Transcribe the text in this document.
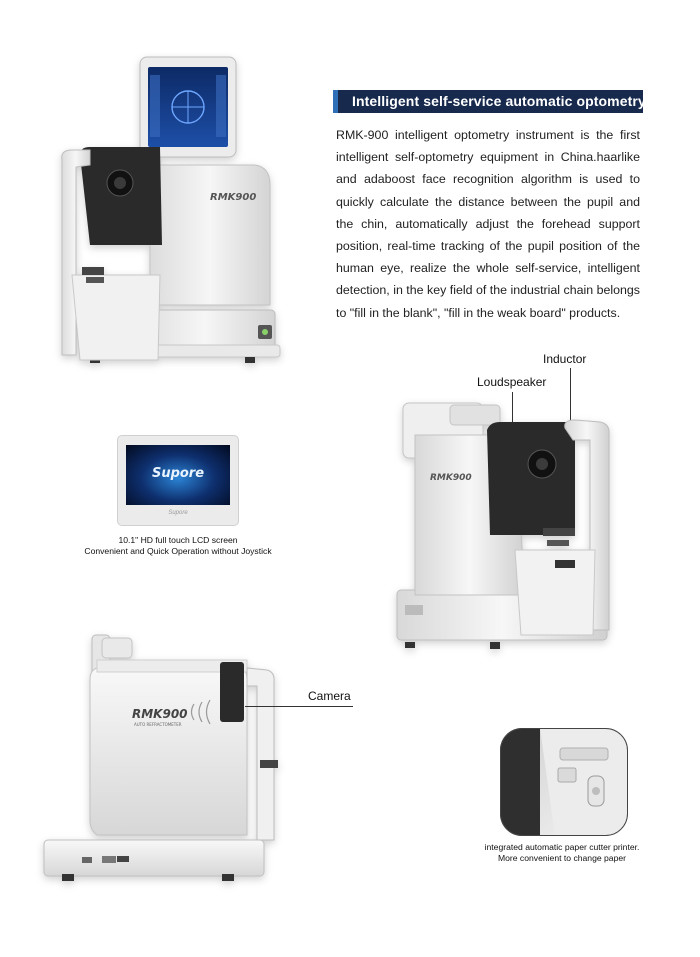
Intelligent self-service automatic optometry
RMK-900 intelligent optometry instrument is the first intelligent self-optometry equipment in China.haarlike and adaboost face recognition algorithm is used to quickly calculate the distance between the pupil and the chin, automatically adjust the forehead support position, real-time tracking of the pupil position of the human eye, realize the whole self-service, intelligent detection, in the key field of the industrial chain belongs to "fill in the blank", "fill in the weak board" products.
RMK900
Supore
Supore
10.1" HD full touch LCD screen
Convenient and Quick Operation without Joystick
Inductor
Loudspeaker
RMK900
RMK900
AUTO REFRACTOMETER
Camera
integrated automatic paper cutter printer.
More convenient to change paper
